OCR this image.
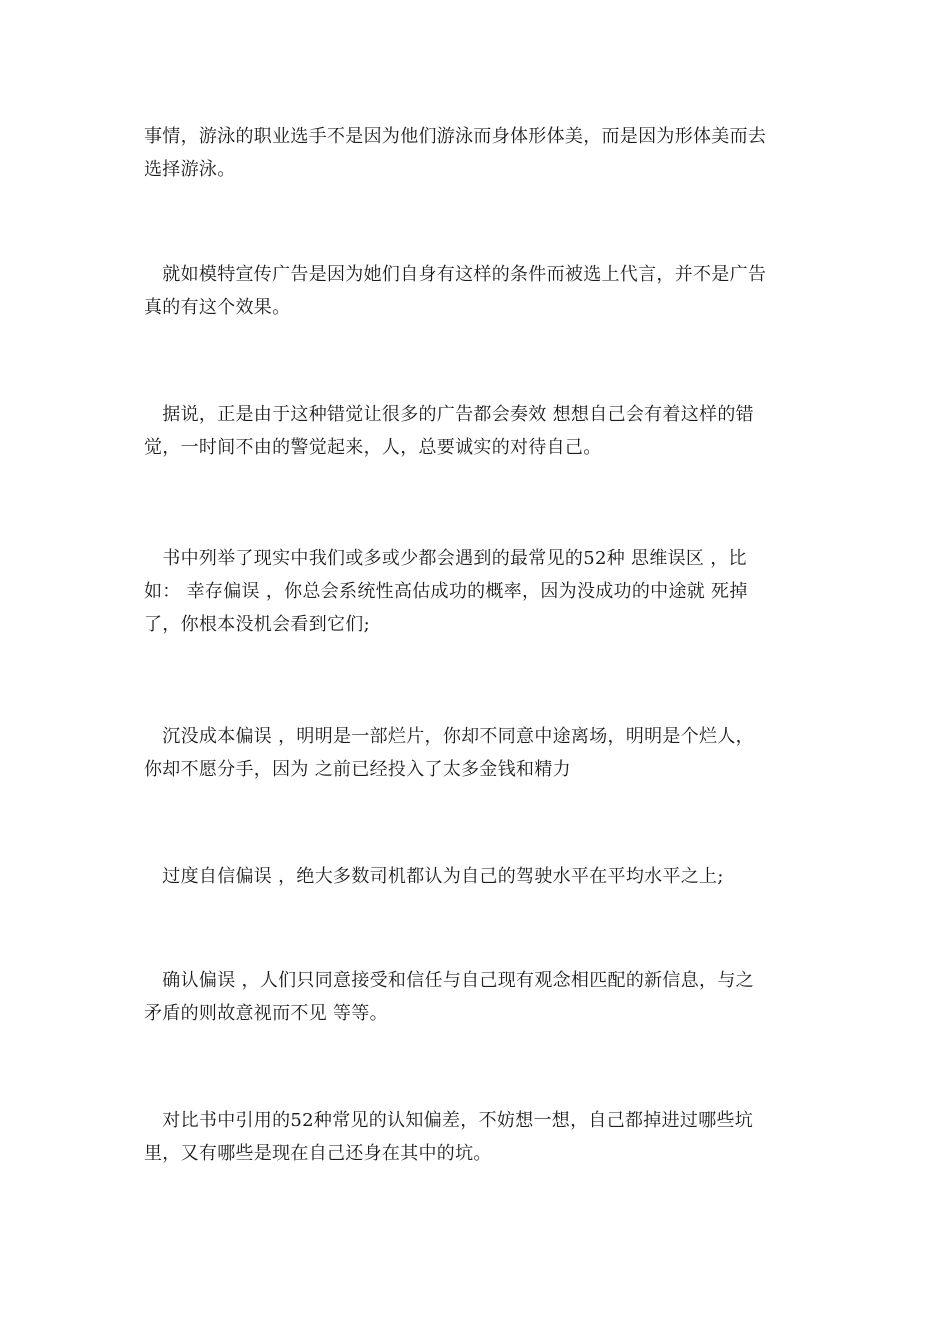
事情，游泳的职业选手不是因为他们游泳而身体形体美，而是因为形体美而去
选择游泳。

　就如模特宣传广告是因为她们自身有这样的条件而被选上代言，并不是广告
真的有这个效果。

　据说，正是由于这种错觉让很多的广告都会奏效 想想自己会有着这样的错
觉，一时间不由的警觉起来，人，总要诚实的对待自己。

　书中列举了现实中我们或多或少都会遇到的最常见的52种 思维误区 ，比
如： 幸存偏误 ，你总会系统性高估成功的概率，因为没成功的中途就 死掉
了，你根本没机会看到它们;

　沉没成本偏误 ，明明是一部烂片，你却不同意中途离场，明明是个烂人，
你却不愿分手，因为 之前已经投入了太多金钱和精力

　过度自信偏误 ，绝大多数司机都认为自己的驾驶水平在平均水平之上;

　确认偏误 ，人们只同意接受和信任与自己现有观念相匹配的新信息，与之
矛盾的则故意视而不见 等等。

　对比书中引用的52种常见的认知偏差，不妨想一想，自己都掉进过哪些坑
里，又有哪些是现在自己还身在其中的坑。
